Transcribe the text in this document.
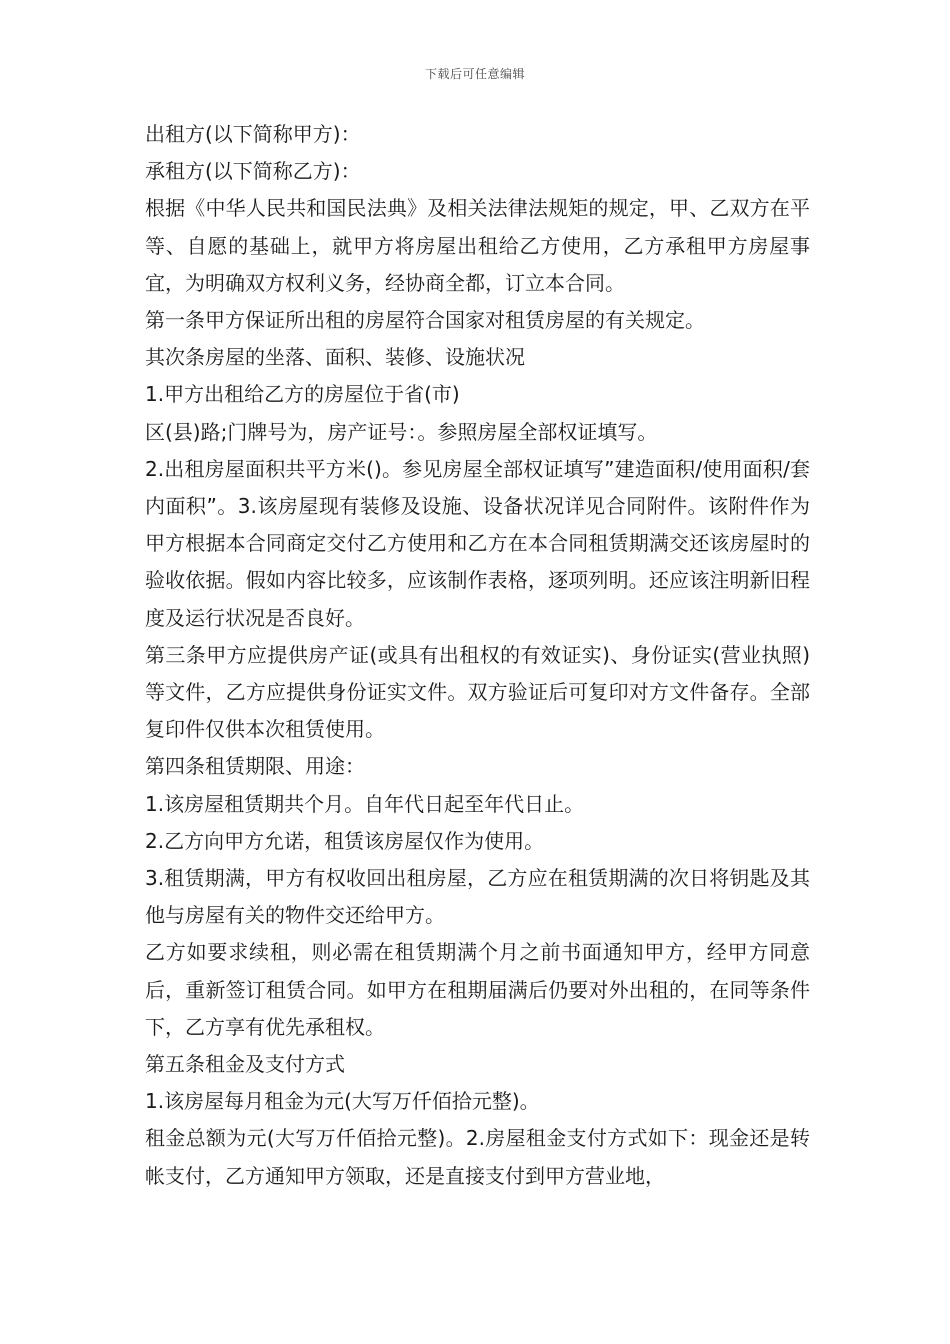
下载后可任意编辑

出租方(以下简称甲方)：

承租方(以下简称乙方)：

根据《中华人民共和国民法典》及相关法律法规矩的规定，甲、乙双方在平等、自愿的基础上，就甲方将房屋出租给乙方使用，乙方承租甲方房屋事宜，为明确双方权利义务，经协商全都，订立本合同。

第一条甲方保证所出租的房屋符合国家对租赁房屋的有关规定。

其次条房屋的坐落、面积、装修、设施状况

1.甲方出租给乙方的房屋位于省(市)

区(县)路;门牌号为，房产证号：。参照房屋全部权证填写。

2.出租房屋面积共平方米()。参见房屋全部权证填写”建造面积/使用面积/套内面积”。3.该房屋现有装修及设施、设备状况详见合同附件。该附件作为甲方根据本合同商定交付乙方使用和乙方在本合同租赁期满交还该房屋时的验收依据。假如内容比较多，应该制作表格，逐项列明。还应该注明新旧程度及运行状况是否良好。

第三条甲方应提供房产证(或具有出租权的有效证实)、身份证实(营业执照)等文件，乙方应提供身份证实文件。双方验证后可复印对方文件备存。全部复印件仅供本次租赁使用。

第四条租赁期限、用途：

1.该房屋租赁期共个月。自年代日起至年代日止。

2.乙方向甲方允诺，租赁该房屋仅作为使用。

3.租赁期满，甲方有权收回出租房屋，乙方应在租赁期满的次日将钥匙及其他与房屋有关的物件交还给甲方。

乙方如要求续租，则必需在租赁期满个月之前书面通知甲方，经甲方同意后，重新签订租赁合同。如甲方在租期届满后仍要对外出租的，在同等条件下，乙方享有优先承租权。

第五条租金及支付方式

1.该房屋每月租金为元(大写万仟佰拾元整)。

租金总额为元(大写万仟佰拾元整)。2.房屋租金支付方式如下：现金还是转帐支付，乙方通知甲方领取，还是直接支付到甲方营业地，
